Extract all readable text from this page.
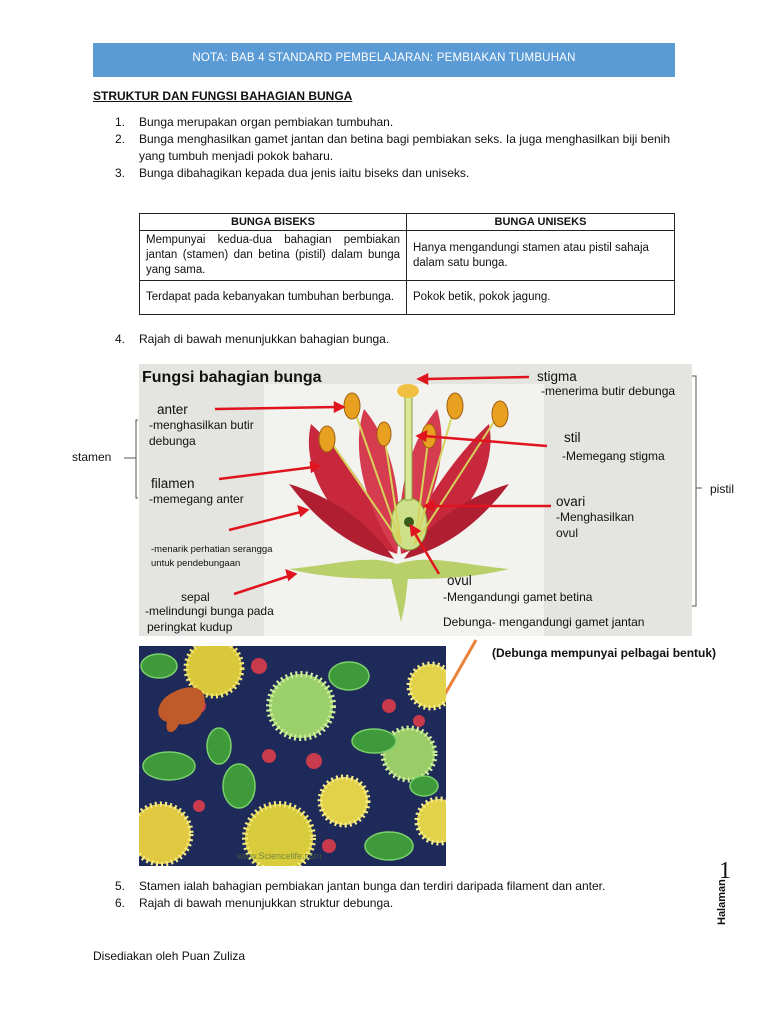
NOTA: BAB 4 STANDARD PEMBELAJARAN: PEMBIAKAN TUMBUHAN
STRUKTUR DAN FUNGSI BAHAGIAN BUNGA
1. Bunga merupakan organ pembiakan tumbuhan.
2. Bunga menghasilkan gamet jantan dan betina bagi pembiakan seks. Ia juga menghasilkan biji benih yang tumbuh menjadi pokok baharu.
3. Bunga dibahagikan kepada dua jenis iaitu biseks dan uniseks.
BUNGA BISEKS	BUNGA UNISEKS
Mempunyai kedua-dua bahagian pembiakan jantan (stamen) dan betina (pistil) dalam bunga yang sama.	Hanya mengandungi stamen atau pistil sahaja dalam satu bunga.
Terdapat pada kebanyakan tumbuhan berbunga.	Pokok betik, pokok jagung.
4. Rajah di bawah menunjukkan bahagian bunga.
stamen
pistil
Fungsi bahagian bunga
anter
-menghasilkan butir
debunga
filamen
-memegang anter
-menarik perhatian serangga
untuk pendebungaan
sepal
-melindungi bunga pada
peringkat kudup
stigma
-menerima butir debunga
stil
-Memegang stigma
ovari
-Menghasilkan
ovul
ovul
-Mengandungi gamet betina
Debunga- mengandungi gamet jantan
www.Sciencelife.com
(Debunga mempunyai pelbagai bentuk)
5. Stamen ialah bahagian pembiakan jantan bunga dan terdiri daripada filament dan anter.
6. Rajah di bawah menunjukkan struktur debunga.
1
Halaman
Disediakan oleh Puan Zuliza
